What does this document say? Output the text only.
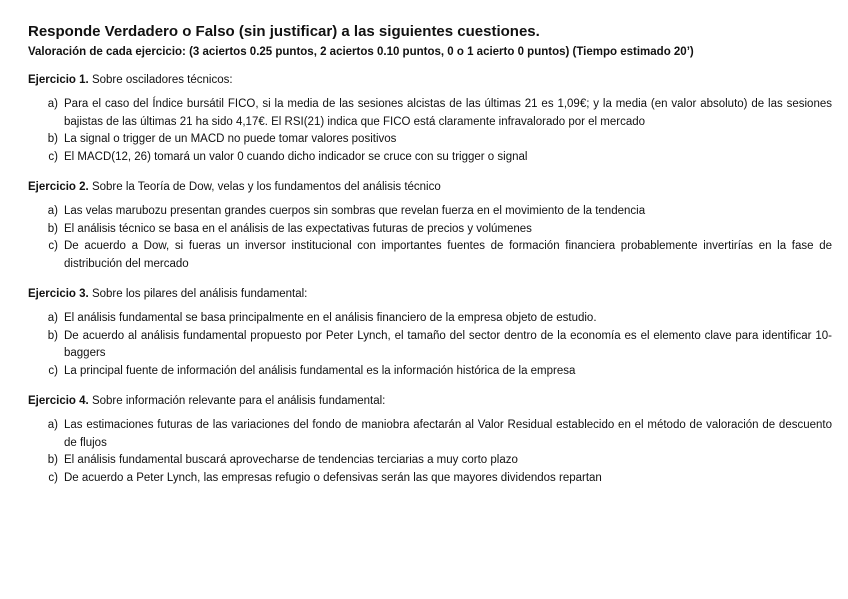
Responde Verdadero o Falso (sin justificar) a las siguientes cuestiones.

Valoración de cada ejercicio: (3 aciertos 0.25 puntos, 2 aciertos 0.10 puntos, 0 o 1 acierto 0 puntos) (Tiempo estimado 20’)

Ejercicio 1. Sobre osciladores técnicos:

a) Para el caso del Índice bursátil FICO, si la media de las sesiones alcistas de las últimas 21 es 1,09€; y la media (en valor absoluto) de las sesiones bajistas de las últimas 21 ha sido 4,17€. El RSI(21) indica que FICO está claramente infravalorado por el mercado
b) La signal o trigger de un MACD no puede tomar valores positivos
c) El MACD(12, 26) tomará un valor 0 cuando dicho indicador se cruce con su trigger o signal

Ejercicio 2. Sobre la Teoría de Dow, velas y los fundamentos del análisis técnico

a) Las velas marubozu presentan grandes cuerpos sin sombras que revelan fuerza en el movimiento de la tendencia
b) El análisis técnico se basa en el análisis de las expectativas futuras de precios y volúmenes
c) De acuerdo a Dow, si fueras un inversor institucional con importantes fuentes de formación financiera probablemente invertirías en la fase de distribución del mercado

Ejercicio 3. Sobre los pilares del análisis fundamental:

a) El análisis fundamental se basa principalmente en el análisis financiero de la empresa objeto de estudio.
b) De acuerdo al análisis fundamental propuesto por Peter Lynch, el tamaño del sector dentro de la economía es el elemento clave para identificar 10-baggers
c) La principal fuente de información del análisis fundamental es la información histórica de la empresa

Ejercicio 4. Sobre información relevante para el análisis fundamental:

a) Las estimaciones futuras de las variaciones del fondo de maniobra afectarán al Valor Residual establecido en el método de valoración de descuento de flujos
b) El análisis fundamental buscará aprovecharse de tendencias terciarias a muy corto plazo
c) De acuerdo a Peter Lynch, las empresas refugio o defensivas serán las que mayores dividendos repartan
